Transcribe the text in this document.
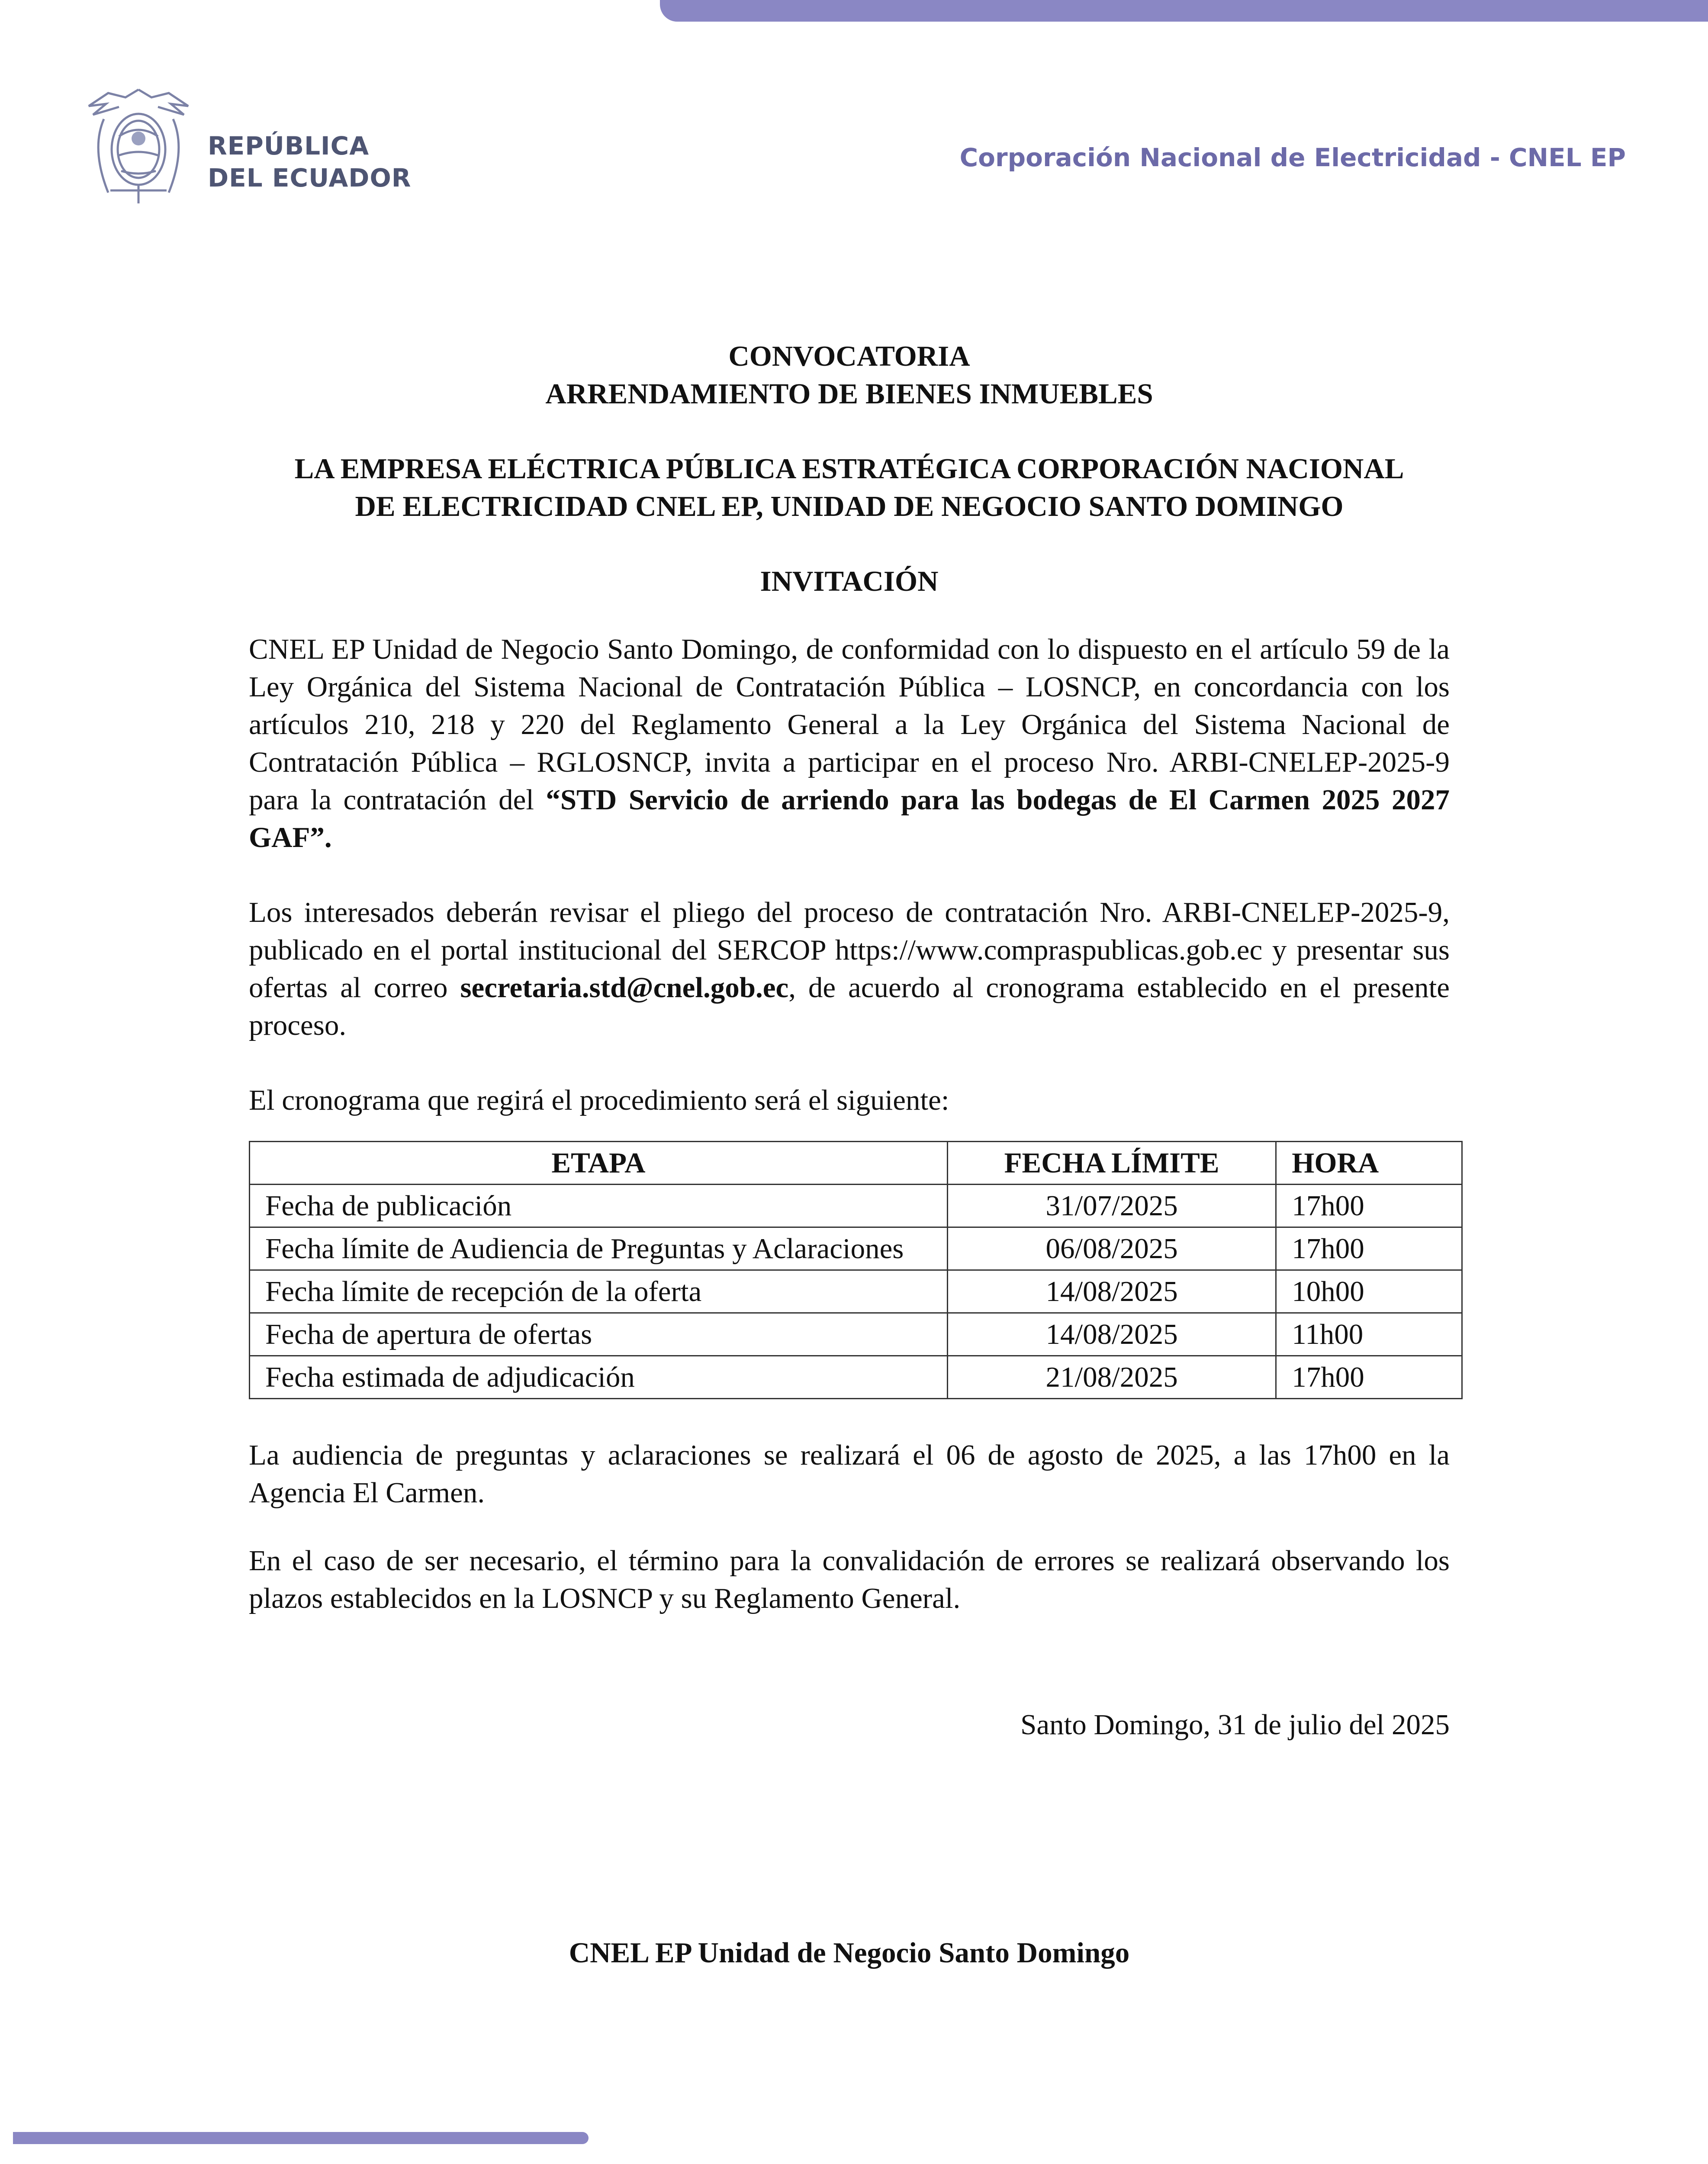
REPÚBLICA
DEL ECUADOR
Corporación Nacional de Electricidad - CNEL EP
CONVOCATORIA
ARRENDAMIENTO DE BIENES INMUEBLES
LA EMPRESA ELÉCTRICA PÚBLICA ESTRATÉGICA CORPORACIÓN NACIONAL
DE ELECTRICIDAD CNEL EP, UNIDAD DE NEGOCIO SANTO DOMINGO
INVITACIÓN

CNEL EP Unidad de Negocio Santo Domingo, de conformidad con lo dispuesto en el artículo 59 de la Ley Orgánica del Sistema Nacional de Contratación Pública – LOSNCP, en concordancia con los artículos 210, 218 y 220 del Reglamento General a la Ley Orgánica del Sistema Nacional de Contratación Pública – RGLOSNCP, invita a participar en el proceso Nro. ARBI-CNELEP-2025-9 para la contratación del “STD Servicio de arriendo para las bodegas de El Carmen 2025 2027 GAF”.

Los interesados deberán revisar el pliego del proceso de contratación Nro. ARBI-CNELEP-2025-9, publicado en el portal institucional del SERCOP https://www.compraspublicas.gob.ec y presentar sus ofertas al correo secretaria.std@cnel.gob.ec, de acuerdo al cronograma establecido en el presente proceso.

El cronograma que regirá el procedimiento será el siguiente:

ETAPA	FECHA LÍMITE	HORA
Fecha de publicación	31/07/2025	17h00
Fecha límite de Audiencia de Preguntas y Aclaraciones	06/08/2025	17h00
Fecha límite de recepción de la oferta	14/08/2025	10h00
Fecha de apertura de ofertas	14/08/2025	11h00
Fecha estimada de adjudicación	21/08/2025	17h00

La audiencia de preguntas y aclaraciones se realizará el 06 de agosto de 2025, a las 17h00 en la Agencia El Carmen.

En el caso de ser necesario, el término para la convalidación de errores se realizará observando los plazos establecidos en la LOSNCP y su Reglamento General.

Santo Domingo, 31 de julio del 2025

CNEL EP Unidad de Negocio Santo Domingo
